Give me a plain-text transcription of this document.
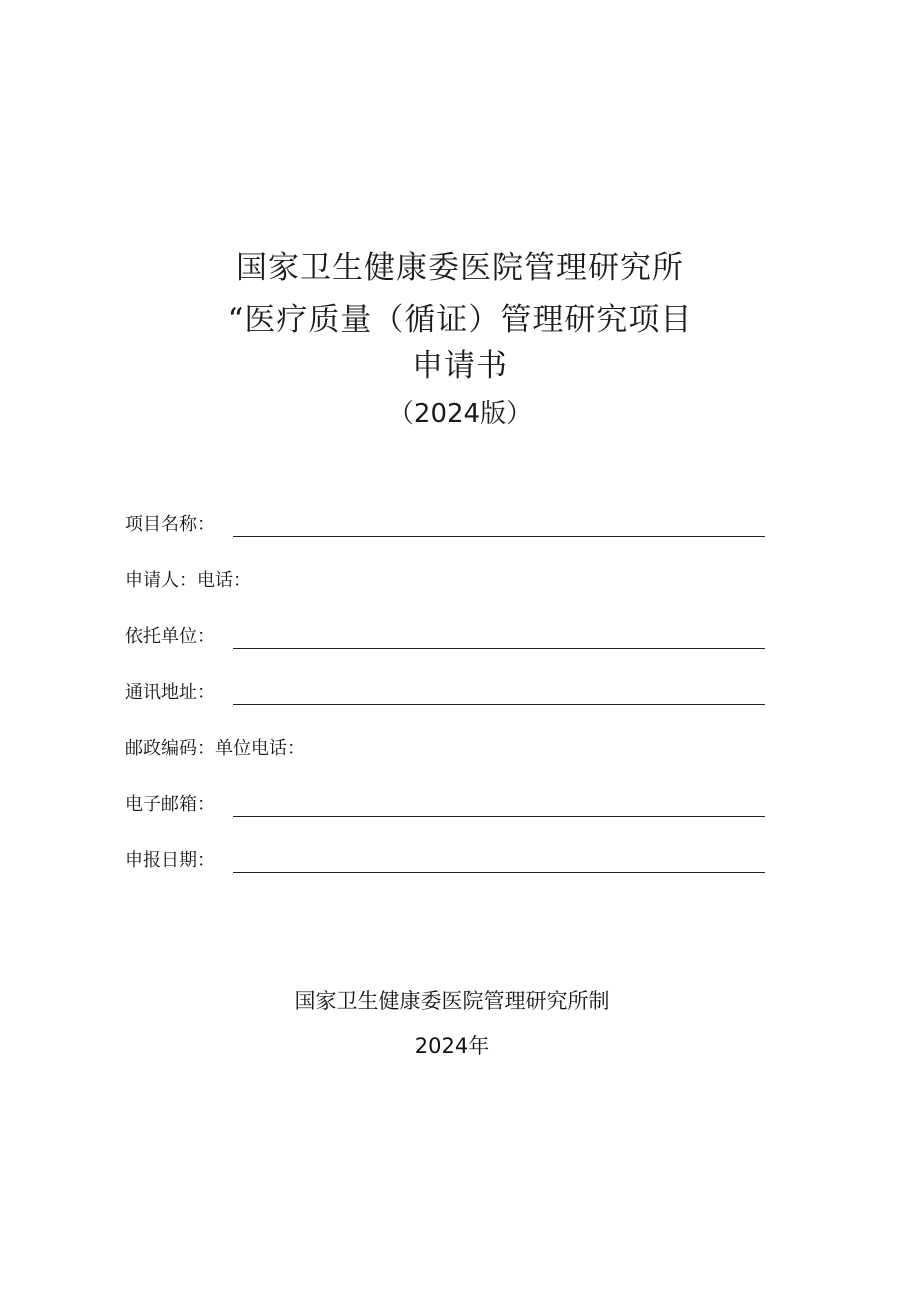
国家卫生健康委医院管理研究所
“医疗质量（循证）管理研究项目
申请书
（2024版）
项目名称：
申请人：电话：
依托单位：
通讯地址：
邮政编码：单位电话：
电子邮箱：
申报日期：
国家卫生健康委医院管理研究所制
2024年
